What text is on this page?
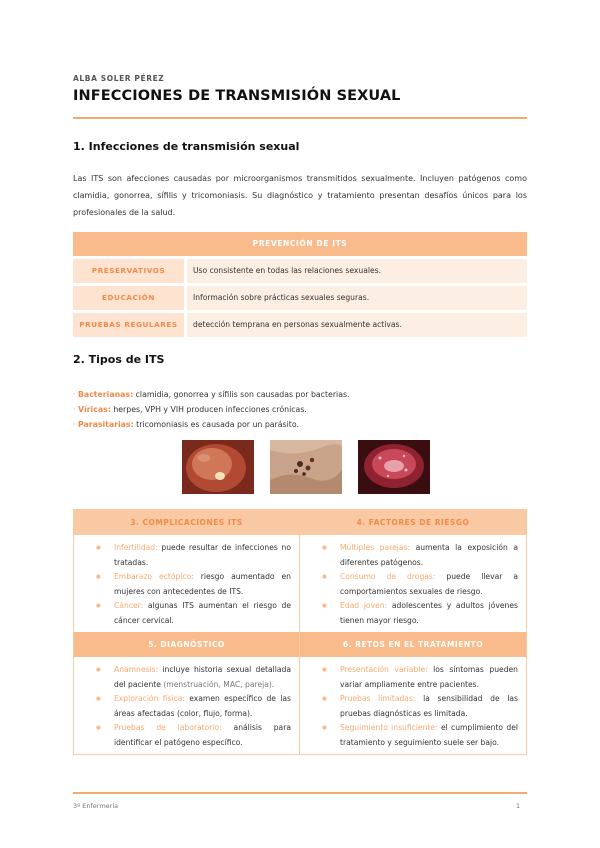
ALBA SOLER PÉREZ
INFECCIONES DE TRANSMISIÓN SEXUAL
1. Infecciones de transmisión sexual

Las ITS son afecciones causadas por microorganismos transmitidos sexualmente. Incluyen patógenos como clamidia, gonorrea, sífilis y tricomoniasis. Su diagnóstico y tratamiento presentan desafíos únicos para los profesionales de la salud.

PREVENCIÓN DE ITS
PRESERVATIVOS	Uso consistente en todas las relaciones sexuales.
EDUCACIÓN	Información sobre prácticas sexuales seguras.
PRUEBAS REGULARES	detección temprana en personas sexualmente activas.
2. Tipos de ITS
· Bacterianas: clamidia, gonorrea y sífilis son causadas por bacterias.
· Víricas: herpes, VPH y VIH producen infecciones crónicas.
· Parasitarias: tricomoniasis es causada por un parásito.
3. COMPLICACIONES ITS
● Infertilidad: puede resultar de infecciones no tratadas.
● Embarazo ectópico: riesgo aumentado en mujeres con antecedentes de ITS.
● Cáncer: algunas ITS aumentan el riesgo de cáncer cervical.
4. FACTORES DE RIESGO
● Múltiples parejas: aumenta la exposición a diferentes patógenos.
● Consumo de drogas: puede llevar a comportamientos sexuales de riesgo.
● Edad joven: adolescentes y adultos jóvenes tienen mayor riesgo.
5. DIAGNÓSTICO
● Anamnesis: incluye historia sexual detallada del paciente (menstruación, MAC, pareja).
● Exploración física: examen específico de las áreas afectadas (color, flujo, forma).
● Pruebas de laboratorio: análisis para identificar el patógeno específico.
6. RETOS EN EL TRATAMIENTO
● Presentación variable: los síntomas pueden variar ampliamente entre pacientes.
● Pruebas limitadas: la sensibilidad de las pruebas diagnósticas es limitada.
● Seguimiento insuficiente: el cumplimiento del tratamiento y seguimiento suele ser bajo.
3º Enfermería	1
